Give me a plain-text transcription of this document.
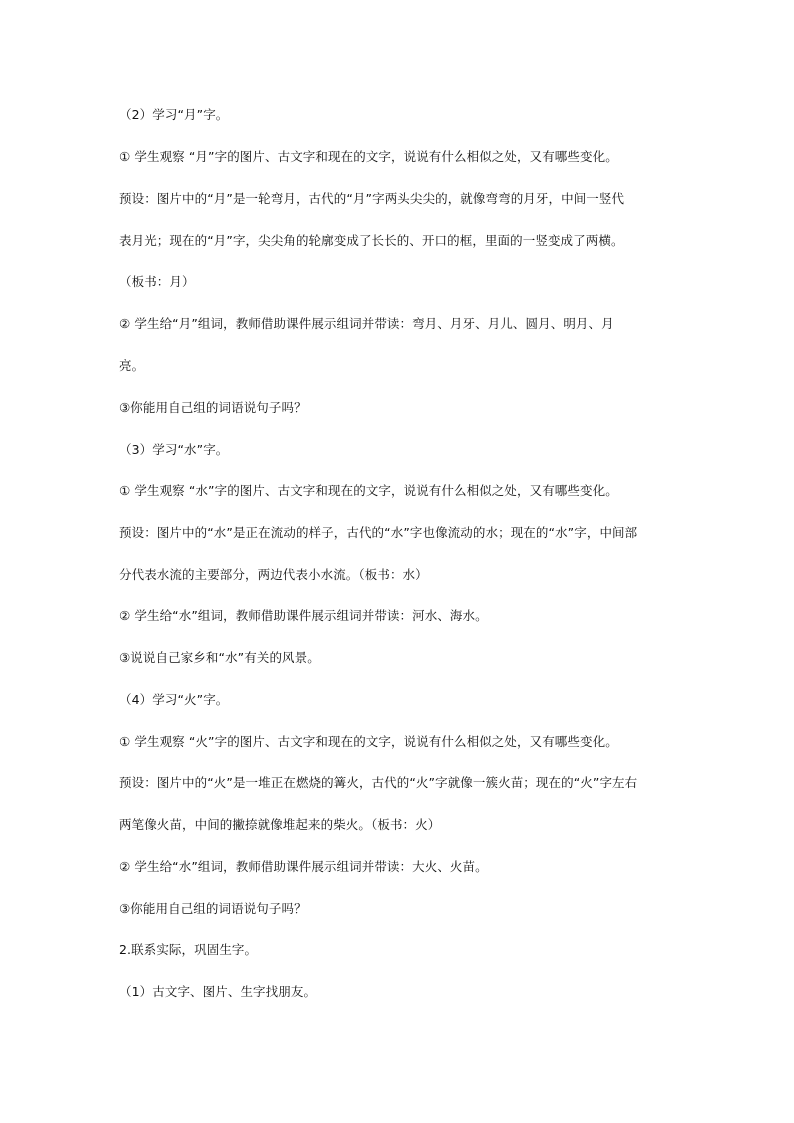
（2）学习“月”字。
① 学生观察 “月”字的图片、古文字和现在的文字，说说有什么相似之处，又有哪些变化。
预设：图片中的“月”是一轮弯月，古代的“月”字两头尖尖的，就像弯弯的月牙，中间一竖代
表月光；现在的“月”字，尖尖角的轮廓变成了长长的、开口的框，里面的一竖变成了两横。
（板书：月）
② 学生给“月”组词，教师借助课件展示组词并带读：弯月、月牙、月儿、圆月、明月、月
亮。
③你能用自己组的词语说句子吗？
（3）学习“水”字。
① 学生观察 “水”字的图片、古文字和现在的文字，说说有什么相似之处，又有哪些变化。
预设：图片中的“水”是正在流动的样子，古代的“水”字也像流动的水；现在的“水”字，中间部
分代表水流的主要部分，两边代表小水流。（板书：水）
② 学生给“水”组词，教师借助课件展示组词并带读：河水、海水。
③说说自己家乡和“水”有关的风景。
（4）学习“火”字。
① 学生观察 “火”字的图片、古文字和现在的文字，说说有什么相似之处，又有哪些变化。
预设：图片中的“火”是一堆正在燃烧的篝火，古代的“火”字就像一簇火苗；现在的“火”字左右
两笔像火苗，中间的撇捺就像堆起来的柴火。（板书：火）
② 学生给“水”组词，教师借助课件展示组词并带读：大火、火苗。
③你能用自己组的词语说句子吗？
2.联系实际，巩固生字。
（1）古文字、图片、生字找朋友。
